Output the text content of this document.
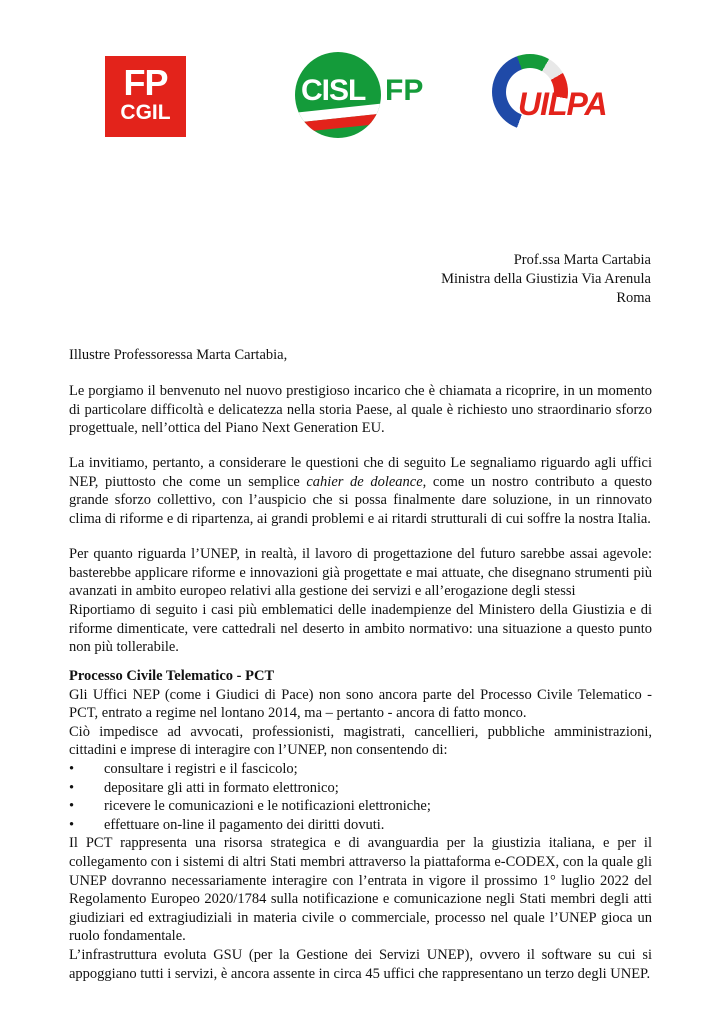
FP
CGIL
CISL FP	UILPA
Prof.ssa Marta Cartabia
Ministra della Giustizia Via Arenula
Roma
Illustre Professoressa Marta Cartabia,
Le porgiamo il benvenuto nel nuovo prestigioso incarico che è chiamata a ricoprire, in un momento di particolare difficoltà e delicatezza nella storia Paese, al quale è richiesto uno straordinario sforzo progettuale, nell’ottica del Piano Next Generation EU.
La invitiamo, pertanto, a considerare le questioni che di seguito Le segnaliamo riguardo agli uffici NEP, piuttosto che come un semplice cahier de doleance, come un nostro contributo a questo grande sforzo collettivo, con l’auspicio che si possa finalmente dare soluzione, in un rinnovato clima di riforme e di ripartenza, ai grandi problemi e ai ritardi strutturali di cui soffre la nostra Italia.
Per quanto riguarda l’UNEP, in realtà, il lavoro di progettazione del futuro sarebbe assai agevole: basterebbe applicare riforme e innovazioni già progettate e mai attuate, che disegnano strumenti più avanzati in ambito europeo relativi alla gestione dei servizi e all’erogazione degli stessi
Riportiamo di seguito i casi più emblematici delle inadempienze del Ministero della Giustizia e di riforme dimenticate, vere cattedrali nel deserto in ambito normativo: una situazione a questo punto non più tollerabile.

Processo Civile Telematico - PCT

Gli Uffici NEP (come i Giudici di Pace) non sono ancora parte del Processo Civile Telematico - PCT, entrato a regime nel lontano 2014, ma – pertanto - ancora di fatto monco.

Ciò impedisce ad avvocati, professionisti, magistrati, cancellieri, pubbliche amministrazioni, cittadini e imprese di interagire con l’UNEP, non consentendo di:

• consultare i registri e il fascicolo;
• depositare gli atti in formato elettronico;
• ricevere le comunicazioni e le notificazioni elettroniche;
• effettuare on-line il pagamento dei diritti dovuti.

Il PCT rappresenta una risorsa strategica e di avanguardia per la giustizia italiana, e per il collegamento con i sistemi di altri Stati membri attraverso la piattaforma e-CODEX, con la quale gli UNEP dovranno necessariamente interagire con l’entrata in vigore il prossimo 1° luglio 2022 del Regolamento Europeo 2020/1784 sulla notificazione e comunicazione negli Stati membri degli atti giudiziari ed extragiudiziali in materia civile o commerciale, processo nel quale l’UNEP gioca un ruolo fondamentale.

L’infrastruttura evoluta GSU (per la Gestione dei Servizi UNEP), ovvero il software su cui si appoggiano tutti i servizi, è ancora assente in circa 45 uffici che rappresentano un terzo degli UNEP.
